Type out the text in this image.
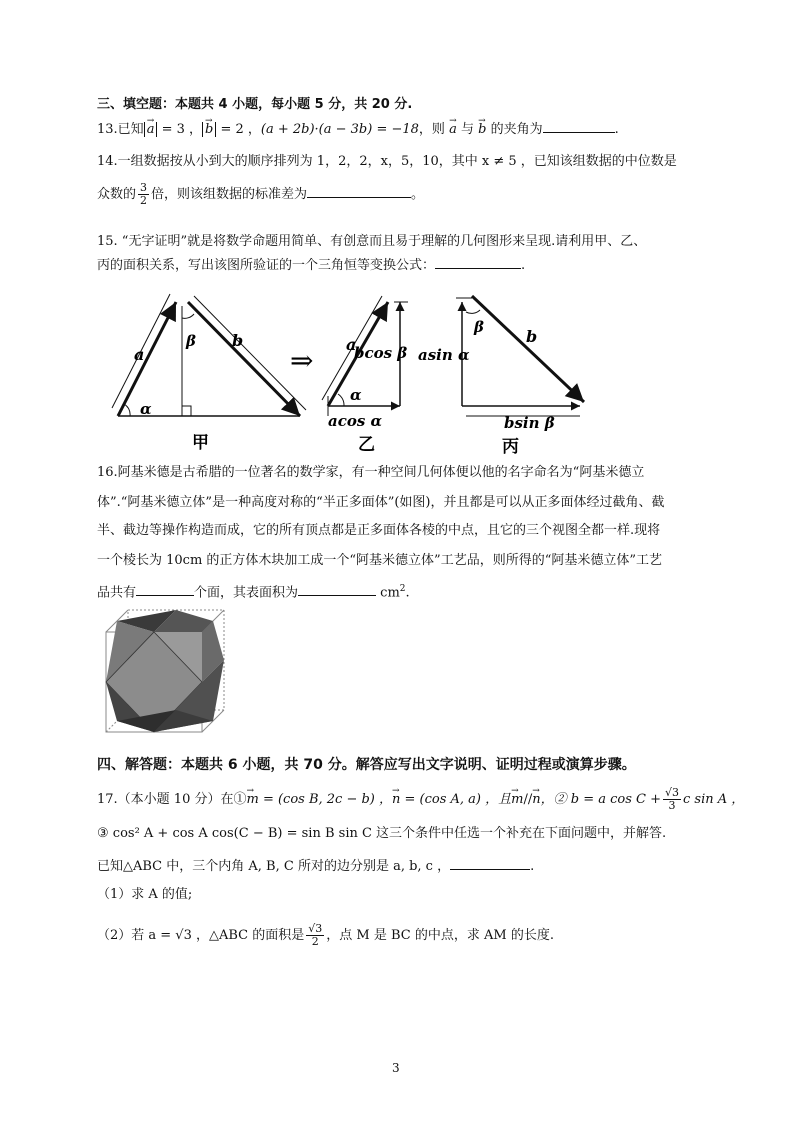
三、填空题：本题共 4 小题，每小题 5 分，共 20 分.
13.已知 → a = 3 ， → b = 2 ，(a + 2b)·(a − 3b) = −18，则 → a 与 → b 的夹角为	.
14.一组数据按从小到大的顺序排列为 1，2，2，x，5，10，其中 x ≠ 5 ，已知该组数据的中位数是
众数的 $\frac{3}{2}$ 倍，则该组数据的标准差为	。
15. “无字证明”就是将数学命题用简单、有创意而且易于理解的几何图形来呈现.请利用甲、乙、
丙的面积关系，写出该图所验证的一个三角恒等变换公式：	.
a
b
β
α
甲
⇒ a
α
bcos β
acos α
乙
β	b
asin α
bsin β
丙
16.阿基米德是古希腊的一位著名的数学家，有一种空间几何体便以他的名字命名为“阿基米德立
体”.“阿基米德立体”是一种高度对称的“半正多面体”(如图)，并且都是可以从正多面体经过截角、截
半、截边等操作构造而成，它的所有顶点都是正多面体各棱的中点，且它的三个视图全都一样.现将
一个棱长为 10cm 的正方体木块加工成一个“阿基米德立体”工艺品，则所得的“阿基米德立体”工艺
品共有	个面，其表面积为	$cm^2$.
四、解答题：本题共 6 小题，共 70 分。解答应写出文字说明、证明过程或演算步骤。
17.（本小题 10 分）在①→ m = (cos B, 2c − b) ，→ n = (cos A, a) ，且→ m//→ n，② b = a $\cos C + \frac{√3}{3}$ c sin A ，
③ cos² A + cos A cos(C − B) = sin B sin C 这三个条件中任选一个补充在下面问题中，并解答.
已知△ABC 中，三个内角 A, B, C 所对的边分别是 a, b, c ，	.
（1）求 A 的值;
（2）若 a = √3 ，△ABC 的面积是 $\frac{√3}{2}$ ，点 M 是 BC 的中点，求 AM 的长度.
3
